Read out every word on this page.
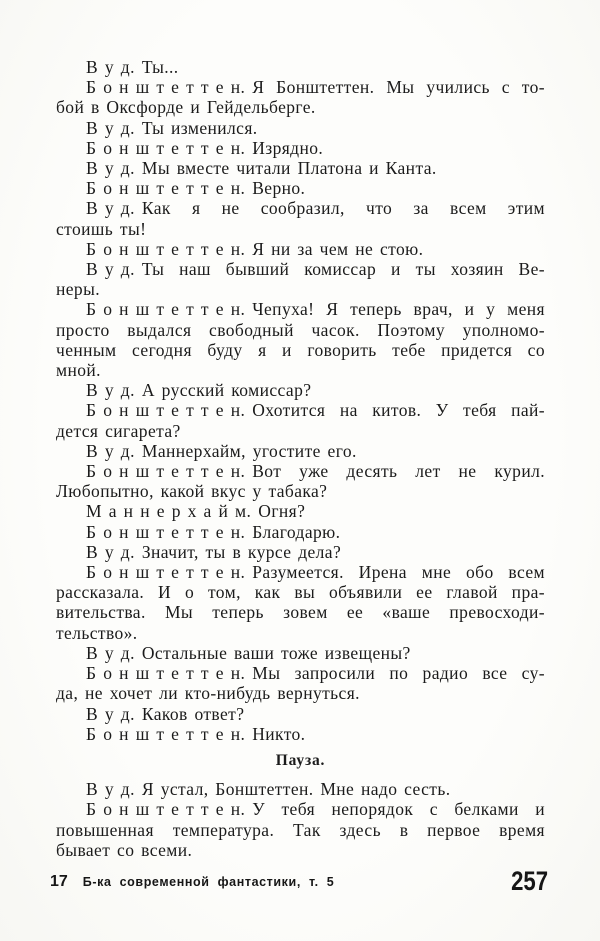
В у д. Ты...
Б о н ш т е т т е н. Я Бонштеттен. Мы учились с то-
бой в Оксфорде и Гейдельберге.
В у д. Ты изменился.
Б о н ш т е т т е н. Изрядно.
В у д. Мы вместе читали Платона и Канта.
Б о н ш т е т т е н. Верно.
В у д. Как я не сообразил, что за всем этим
стоишь ты!
Б о н ш т е т т е н. Я ни за чем не стою.
В у д. Ты наш бывший комиссар и ты хозяин Ве-
неры.
Б о н ш т е т т е н. Чепуха! Я теперь врач, и у меня
просто выдался свободный часок. Поэтому уполномо-
ченным сегодня буду я и говорить тебе придется со
мной.
В у д. А русский комиссар?
Б о н ш т е т т е н. Охотится на китов. У тебя пай-
дется сигарета?
В у д. Маннерхайм, угостите его.
Б о н ш т е т т е н. Вот уже десять лет не курил.
Любопытно, какой вкус у табака?
М а н н е р х а й м. Огня?
Б о н ш т е т т е н. Благодарю.
В у д. Значит, ты в курсе дела?
Б о н ш т е т т е н. Разумеется. Ирена мне обо всем
рассказала. И о том, как вы объявили ее главой пра-
вительства. Мы теперь зовем ее «ваше превосходи-
тельство».
В у д. Остальные ваши тоже извещены?
Б о н ш т е т т е н. Мы запросили по радио все су-
да, не хочет ли кто-нибудь вернуться.
В у д. Каков ответ?
Б о н ш т е т т е н. Никто.
Пауза.
В у д. Я устал, Бонштеттен. Мне надо сесть.
Б о н ш т е т т е н. У тебя непорядок с белками и
повышенная температура. Так здесь в первое время
бывает со всеми.
17 Б-ка современной фантастики, т. 5	257
